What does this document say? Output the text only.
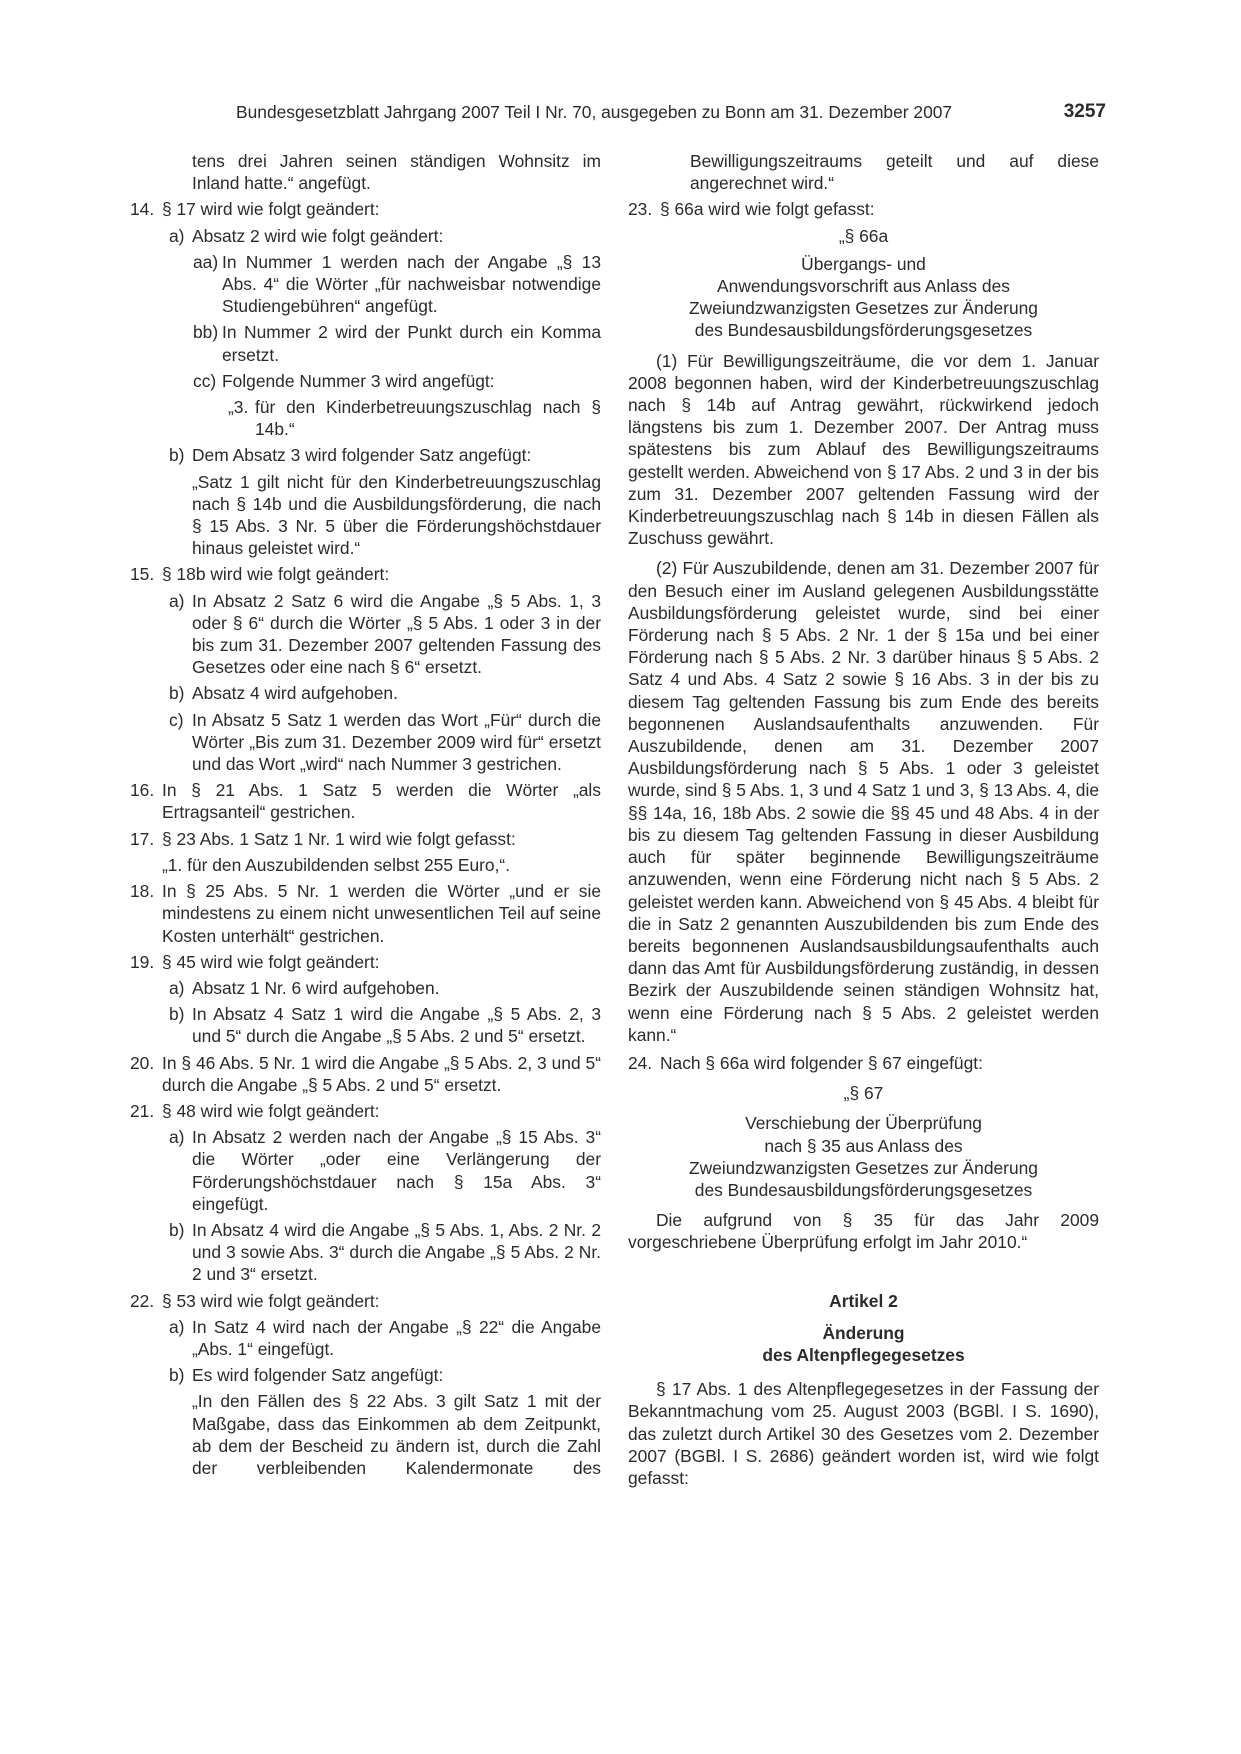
Bundesgesetzblatt Jahrgang 2007 Teil I Nr. 70, ausgegeben zu Bonn am 31. Dezember 2007	3257
tens drei Jahren seinen ständigen Wohnsitz im Inland hatte.“ angefügt.
14. § 17 wird wie folgt geändert:
a) Absatz 2 wird wie folgt geändert:
aa) In Nummer 1 werden nach der Angabe „§ 13 Abs. 4“ die Wörter „für nachweisbar notwendige Studiengebühren“ angefügt.
bb) In Nummer 2 wird der Punkt durch ein Komma ersetzt.
cc) Folgende Nummer 3 wird angefügt:
„3. für den Kinderbetreuungszuschlag nach § 14b.“
b) Dem Absatz 3 wird folgender Satz angefügt:
„Satz 1 gilt nicht für den Kinderbetreuungszuschlag nach § 14b und die Ausbildungsförderung, die nach § 15 Abs. 3 Nr. 5 über die Förderungshöchstdauer hinaus geleistet wird.“
15. § 18b wird wie folgt geändert:
a) In Absatz 2 Satz 6 wird die Angabe „§ 5 Abs. 1, 3 oder § 6“ durch die Wörter „§ 5 Abs. 1 oder 3 in der bis zum 31. Dezember 2007 geltenden Fassung des Gesetzes oder eine nach § 6“ ersetzt.
b) Absatz 4 wird aufgehoben.
c) In Absatz 5 Satz 1 werden das Wort „Für“ durch die Wörter „Bis zum 31. Dezember 2009 wird für“ ersetzt und das Wort „wird“ nach Nummer 3 gestrichen.
16. In § 21 Abs. 1 Satz 5 werden die Wörter „als Ertragsanteil“ gestrichen.
17. § 23 Abs. 1 Satz 1 Nr. 1 wird wie folgt gefasst:
„1. für den Auszubildenden selbst 255 Euro,“.
18. In § 25 Abs. 5 Nr. 1 werden die Wörter „und er sie mindestens zu einem nicht unwesentlichen Teil auf seine Kosten unterhält“ gestrichen.
19. § 45 wird wie folgt geändert:
a) Absatz 1 Nr. 6 wird aufgehoben.
b) In Absatz 4 Satz 1 wird die Angabe „§ 5 Abs. 2, 3 und 5“ durch die Angabe „§ 5 Abs. 2 und 5“ ersetzt.
20. In § 46 Abs. 5 Nr. 1 wird die Angabe „§ 5 Abs. 2, 3 und 5“ durch die Angabe „§ 5 Abs. 2 und 5“ ersetzt.
21. § 48 wird wie folgt geändert:
a) In Absatz 2 werden nach der Angabe „§ 15 Abs. 3“ die Wörter „oder eine Verlängerung der Förderungshöchstdauer nach § 15a Abs. 3“ eingefügt.
b) In Absatz 4 wird die Angabe „§ 5 Abs. 1, Abs. 2 Nr. 2 und 3 sowie Abs. 3“ durch die Angabe „§ 5 Abs. 2 Nr. 2 und 3“ ersetzt.
22. § 53 wird wie folgt geändert:
a) In Satz 4 wird nach der Angabe „§ 22“ die Angabe „Abs. 1“ eingefügt.
b) Es wird folgender Satz angefügt:
„In den Fällen des § 22 Abs. 3 gilt Satz 1 mit der Maßgabe, dass das Einkommen ab dem Zeitpunkt, ab dem der Bescheid zu ändern ist, durch die Zahl der verbleibenden Kalendermonate des
Bewilligungszeitraums geteilt und auf diese angerechnet wird.“
23. § 66a wird wie folgt gefasst:
„§ 66a
Übergangs- und
Anwendungsvorschrift aus Anlass des
Zweiundzwanzigsten Gesetzes zur Änderung
des Bundesausbildungsförderungsgesetzes
(1) Für Bewilligungszeiträume, die vor dem 1. Januar 2008 begonnen haben, wird der Kinderbetreuungszuschlag nach § 14b auf Antrag gewährt, rückwirkend jedoch längstens bis zum 1. Dezember 2007. Der Antrag muss spätestens bis zum Ablauf des Bewilligungszeitraums gestellt werden. Abweichend von § 17 Abs. 2 und 3 in der bis zum 31. Dezember 2007 geltenden Fassung wird der Kinderbetreuungszuschlag nach § 14b in diesen Fällen als Zuschuss gewährt.
(2) Für Auszubildende, denen am 31. Dezember 2007 für den Besuch einer im Ausland gelegenen Ausbildungsstätte Ausbildungsförderung geleistet wurde, sind bei einer Förderung nach § 5 Abs. 2 Nr. 1 der § 15a und bei einer Förderung nach § 5 Abs. 2 Nr. 3 darüber hinaus § 5 Abs. 2 Satz 4 und Abs. 4 Satz 2 sowie § 16 Abs. 3 in der bis zu diesem Tag geltenden Fassung bis zum Ende des bereits begonnenen Auslandsaufenthalts anzuwenden. Für Auszubildende, denen am 31. Dezember 2007 Ausbildungsförderung nach § 5 Abs. 1 oder 3 geleistet wurde, sind § 5 Abs. 1, 3 und 4 Satz 1 und 3, § 13 Abs. 4, die §§ 14a, 16, 18b Abs. 2 sowie die §§ 45 und 48 Abs. 4 in der bis zu diesem Tag geltenden Fassung in dieser Ausbildung auch für später beginnende Bewilligungszeiträume anzuwenden, wenn eine Förderung nicht nach § 5 Abs. 2 geleistet werden kann. Abweichend von § 45 Abs. 4 bleibt für die in Satz 2 genannten Auszubildenden bis zum Ende des bereits begonnenen Auslandsausbildungsaufenthalts auch dann das Amt für Ausbildungsförderung zuständig, in dessen Bezirk der Auszubildende seinen ständigen Wohnsitz hat, wenn eine Förderung nach § 5 Abs. 2 geleistet werden kann.“
24. Nach § 66a wird folgender § 67 eingefügt:
„§ 67
Verschiebung der Überprüfung
nach § 35 aus Anlass des
Zweiundzwanzigsten Gesetzes zur Änderung
des Bundesausbildungsförderungsgesetzes
Die aufgrund von § 35 für das Jahr 2009 vorgeschriebene Überprüfung erfolgt im Jahr 2010.“
Artikel 2
Änderung
des Altenpflegegesetzes
§ 17 Abs. 1 des Altenpflegegesetzes in der Fassung der Bekanntmachung vom 25. August 2003 (BGBl. I S. 1690), das zuletzt durch Artikel 30 des Gesetzes vom 2. Dezember 2007 (BGBl. I S. 2686) geändert worden ist, wird wie folgt gefasst:
